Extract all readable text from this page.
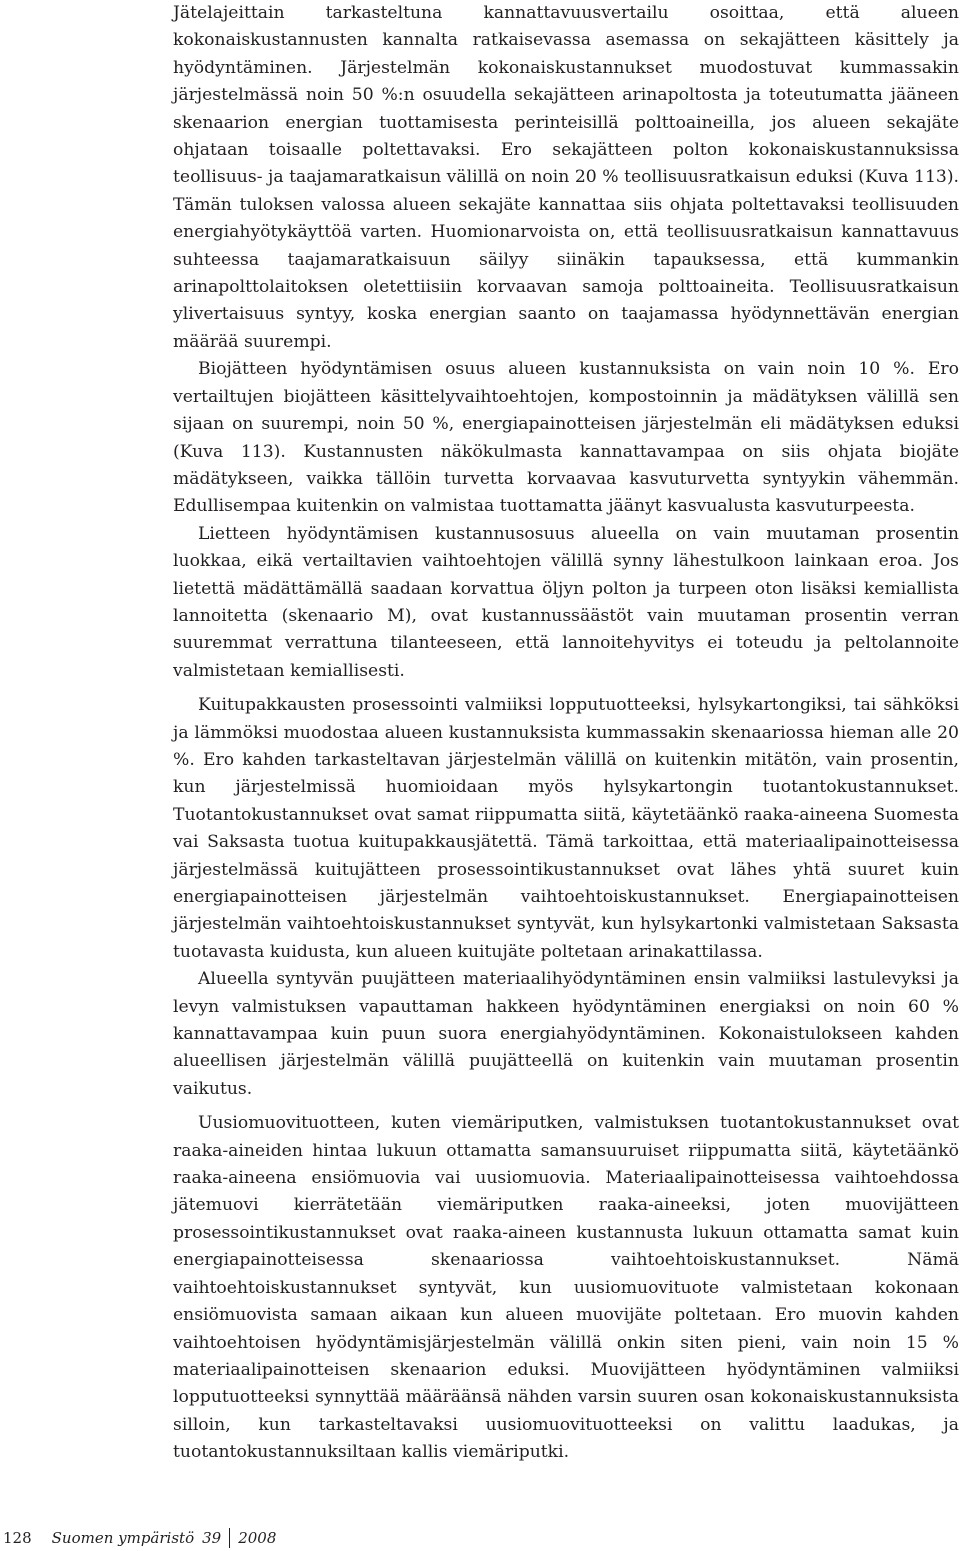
Jätelajeittain tarkasteltuna kannattavuusvertailu osoittaa, että alueen kokonaiskustannusten kannalta ratkaisevassa asemassa on sekajätteen käsittely ja hyödyntäminen. Järjestelmän kokonaiskustannukset muodostuvat kummassakin järjestelmässä noin 50 %:n osuudella sekajätteen arinapoltosta ja toteutumatta jääneen skenaarion energian tuottamisesta perinteisillä polttoaineilla, jos alueen sekajäte ohjataan toisaalle poltettavaksi. Ero sekajätteen polton kokonaiskustannuksissa teollisuus- ja taajamaratkaisun välillä on noin 20 % teollisuusratkaisun eduksi (Kuva 113). Tämän tuloksen valossa alueen sekajäte kannattaa siis ohjata poltettavaksi teollisuuden energiahyötykäyttöä varten. Huomionarvoista on, että teollisuusratkaisun kannattavuus suhteessa taajamaratkaisuun säilyy siinäkin tapauksessa, että kummankin arinapolttolaitoksen oletettiisiin korvaavan samoja polttoaineita. Teollisuusratkaisun ylivertaisuus syntyy, koska energian saanto on taajamassa hyödynnettävän energian määrää suurempi.

Biojätteen hyödyntämisen osuus alueen kustannuksista on vain noin 10 %. Ero vertailtujen biojätteen käsittelyvaihtoehtojen, kompostoinnin ja mädätyksen välillä sen sijaan on suurempi, noin 50 %, energiapainotteisen järjestelmän eli mädätyksen eduksi (Kuva 113). Kustannusten näkökulmasta kannattavampaa on siis ohjata biojäte mädätykseen, vaikka tällöin turvetta korvaavaa kasvuturvetta syntyykin vähemmän. Edullisempaa kuitenkin on valmistaa tuottamatta jäänyt kasvualusta kasvuturpeesta.

Lietteen hyödyntämisen kustannusosuus alueella on vain muutaman prosentin luokkaa, eikä vertailtavien vaihtoehtojen välillä synny lähestulkoon lainkaan eroa. Jos lietettä mädättämällä saadaan korvattua öljyn polton ja turpeen oton lisäksi kemiallista lannoitetta (skenaario M), ovat kustannussäästöt vain muutaman prosentin verran suuremmat verrattuna tilanteeseen, että lannoitehyvitys ei toteudu ja peltolannoite valmistetaan kemiallisesti.

Kuitupakkausten prosessointi valmiiksi lopputuotteeksi, hylsykartongiksi, tai sähköksi ja lämmöksi muodostaa alueen kustannuksista kummassakin skenaariossa hieman alle 20 %. Ero kahden tarkasteltavan järjestelmän välillä on kuitenkin mitätön, vain prosentin, kun järjestelmissä huomioidaan myös hylsykartongin tuotantokustannukset. Tuotantokustannukset ovat samat riippumatta siitä, käytetäänkö raaka-aineena Suomesta vai Saksasta tuotua kuitupakkausjätettä. Tämä tarkoittaa, että materiaalipainotteisessa järjestelmässä kuitujätteen prosessointikustannukset ovat lähes yhtä suuret kuin energiapainotteisen järjestelmän vaihtoehtoiskustannukset. Energiapainotteisen järjestelmän vaihtoehtoiskustannukset syntyvät, kun hylsykartonki valmistetaan Saksasta tuotavasta kuidusta, kun alueen kuitujäte poltetaan arinakattilassa.

Alueella syntyvän puujätteen materiaalihyödyntäminen ensin valmiiksi lastulevyksi ja levyn valmistuksen vapauttaman hakkeen hyödyntäminen energiaksi on noin 60 % kannattavampaa kuin puun suora energiahyödyntäminen. Kokonaistulokseen kahden alueellisen järjestelmän välillä puujätteellä on kuitenkin vain muutaman prosentin vaikutus.

Uusiomuovituotteen, kuten viemäriputken, valmistuksen tuotantokustannukset ovat raaka-aineiden hintaa lukuun ottamatta samansuuruiset riippumatta siitä, käytetäänkö raaka-aineena ensiömuovia vai uusiomuovia. Materiaalipainotteisessa vaihtoehdossa jätemuovi kierrätetään viemäriputken raaka-aineeksi, joten muovijätteen prosessointikustannukset ovat raaka-aineen kustannusta lukuun ottamatta samat kuin energiapainotteisessa skenaariossa vaihtoehtoiskustannukset. Nämä vaihtoehtoiskustannukset syntyvät, kun uusiomuovituote valmistetaan kokonaan ensiömuovista samaan aikaan kun alueen muovijäte poltetaan. Ero muovin kahden vaihtoehtoisen hyödyntämisjärjestelmän välillä onkin siten pieni, vain noin 15 % materiaalipainotteisen skenaarion eduksi. Muovijätteen hyödyntäminen valmiiksi lopputuotteeksi synnyttää määräänsä nähden varsin suuren osan kokonaiskustannuksista silloin, kun tarkasteltavaksi uusiomuovituotteeksi on valittu laadukas, ja tuotantokustannuksiltaan kallis viemäriputki.

128 Suomen ympäristö 39 2008
